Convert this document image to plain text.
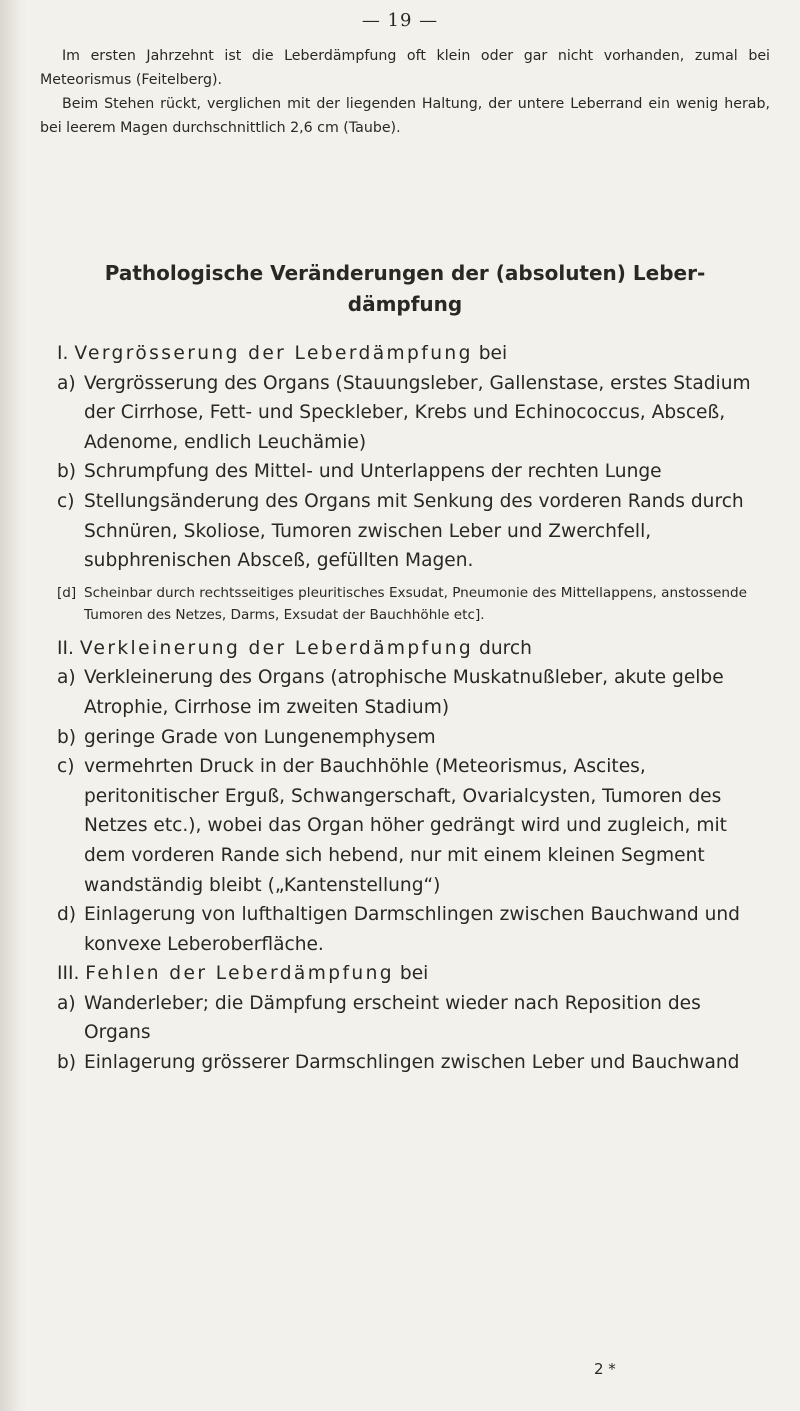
— 19 —

Im ersten Jahrzehnt ist die Leberdämpfung oft klein oder gar nicht vorhanden, zumal bei Meteorismus (Feitelberg).

Beim Stehen rückt, verglichen mit der liegenden Haltung, der untere Leberrand ein wenig herab, bei leerem Magen durchschnittlich 2,6 cm (Taube).

Pathologische Veränderungen der (absoluten) Leber-
dämpfung

I. Vergrösserung der Leberdämpfung bei

a) Vergrösserung des Organs (Stauungsleber, Gallenstase, erstes Stadium der Cirrhose, Fett- und Speckleber, Krebs und Echinococcus, Absceß, Adenome, endlich Leuchämie)
b) Schrumpfung des Mittel- und Unterlappens der rechten Lunge
c) Stellungsänderung des Organs mit Senkung des vorderen Rands durch Schnüren, Skoliose, Tumoren zwischen Leber und Zwerchfell, subphrenischen Absceß, gefüllten Magen.
[d] Scheinbar durch rechtsseitiges pleuritisches Exsudat, Pneumonie des Mittellappens, anstossende Tumoren des Netzes, Darms, Exsudat der Bauchhöhle etc].

II. Verkleinerung der Leberdämpfung durch

a) Verkleinerung des Organs (atrophische Muskatnußleber, akute gelbe Atrophie, Cirrhose im zweiten Stadium)
b) geringe Grade von Lungenemphysem
c) vermehrten Druck in der Bauchhöhle (Meteorismus, Ascites, peritonitischer Erguß, Schwangerschaft, Ovarialcysten, Tumoren des Netzes etc.), wobei das Organ höher gedrängt wird und zugleich, mit dem vorderen Rande sich hebend, nur mit einem kleinen Segment wandständig bleibt („Kantenstellung“)
d) Einlagerung von lufthaltigen Darmschlingen zwischen Bauchwand und konvexe Leberoberfläche.

III. Fehlen der Leberdämpfung bei

a) Wanderleber; die Dämpfung erscheint wieder nach Reposition des Organs
b) Einlagerung grösserer Darmschlingen zwischen Leber und Bauchwand
2 *
